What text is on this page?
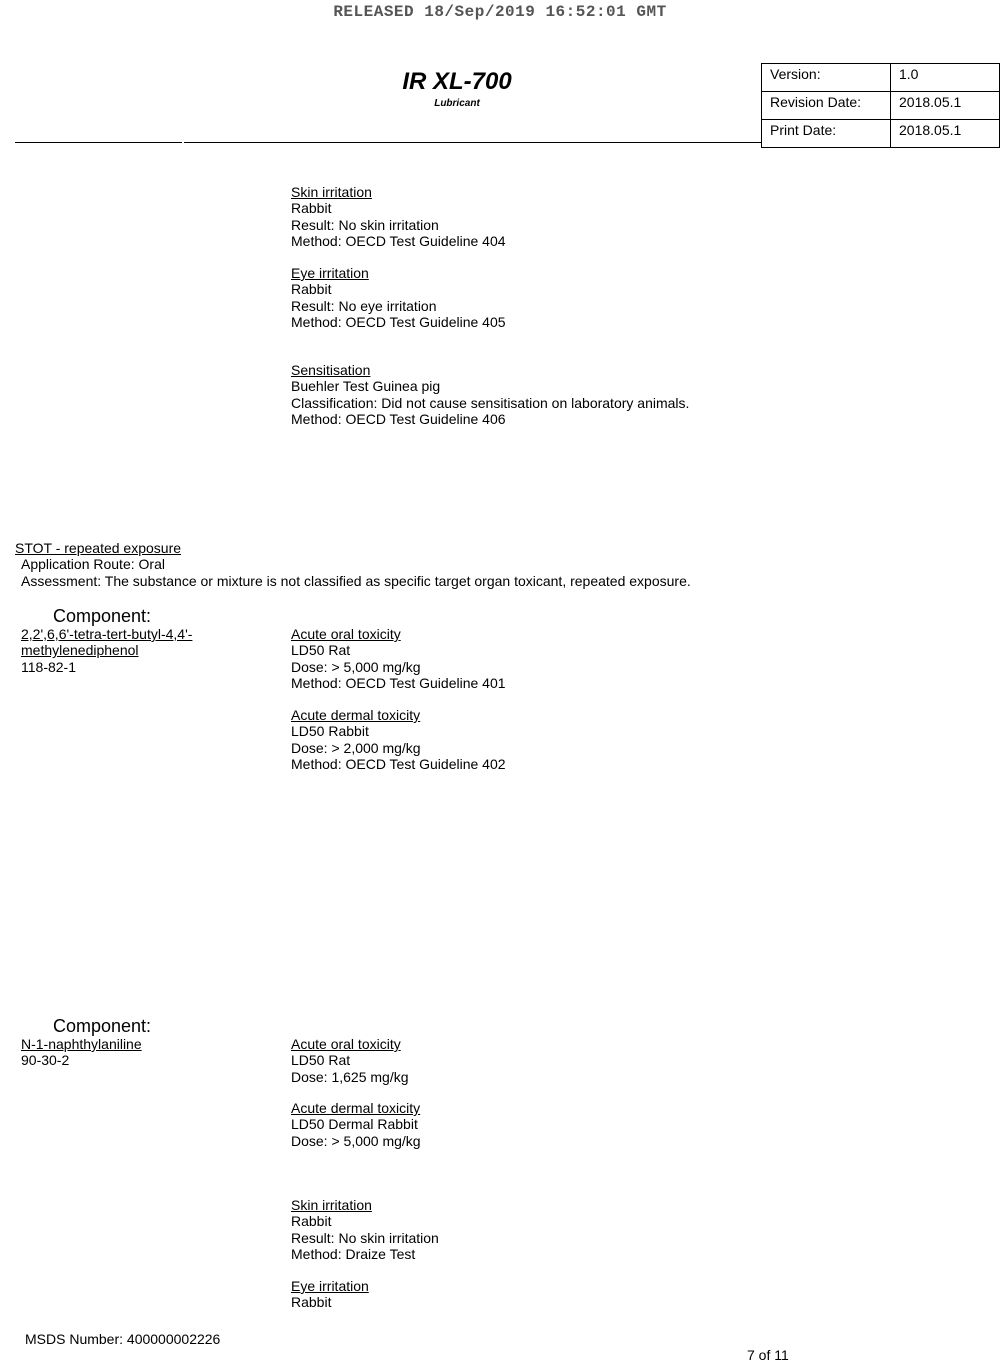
RELEASED 18/Sep/2019 16:52:01 GMT
IR XL-700
Lubricant
Version:	1.0
Revision Date:	2018.05.1
Print Date:	2018.05.1
Skin irritation
Rabbit
Result: No skin irritation
Method: OECD Test Guideline 404
Eye irritation
Rabbit
Result: No eye irritation
Method: OECD Test Guideline 405
Sensitisation
Buehler Test Guinea pig
Classification: Did not cause sensitisation on laboratory animals.
Method: OECD Test Guideline 406
STOT - repeated exposure
Application Route: Oral
Assessment: The substance or mixture is not classified as specific target organ toxicant, repeated exposure.
Component:
2,2',6,6'-tetra-tert-butyl-4,4'-
methylenediphenol
118-82-1
Acute oral toxicity
LD50 Rat
Dose: > 5,000 mg/kg
Method: OECD Test Guideline 401
Acute dermal toxicity
LD50 Rabbit
Dose: > 2,000 mg/kg
Method: OECD Test Guideline 402
Component:
N-1-naphthylaniline
90-30-2
Acute oral toxicity
LD50 Rat
Dose: 1,625 mg/kg
Acute dermal toxicity
LD50 Dermal Rabbit
Dose: > 5,000 mg/kg
Skin irritation
Rabbit
Result: No skin irritation
Method: Draize Test
Eye irritation
Rabbit
MSDS Number: 400000002226
7 of 11
